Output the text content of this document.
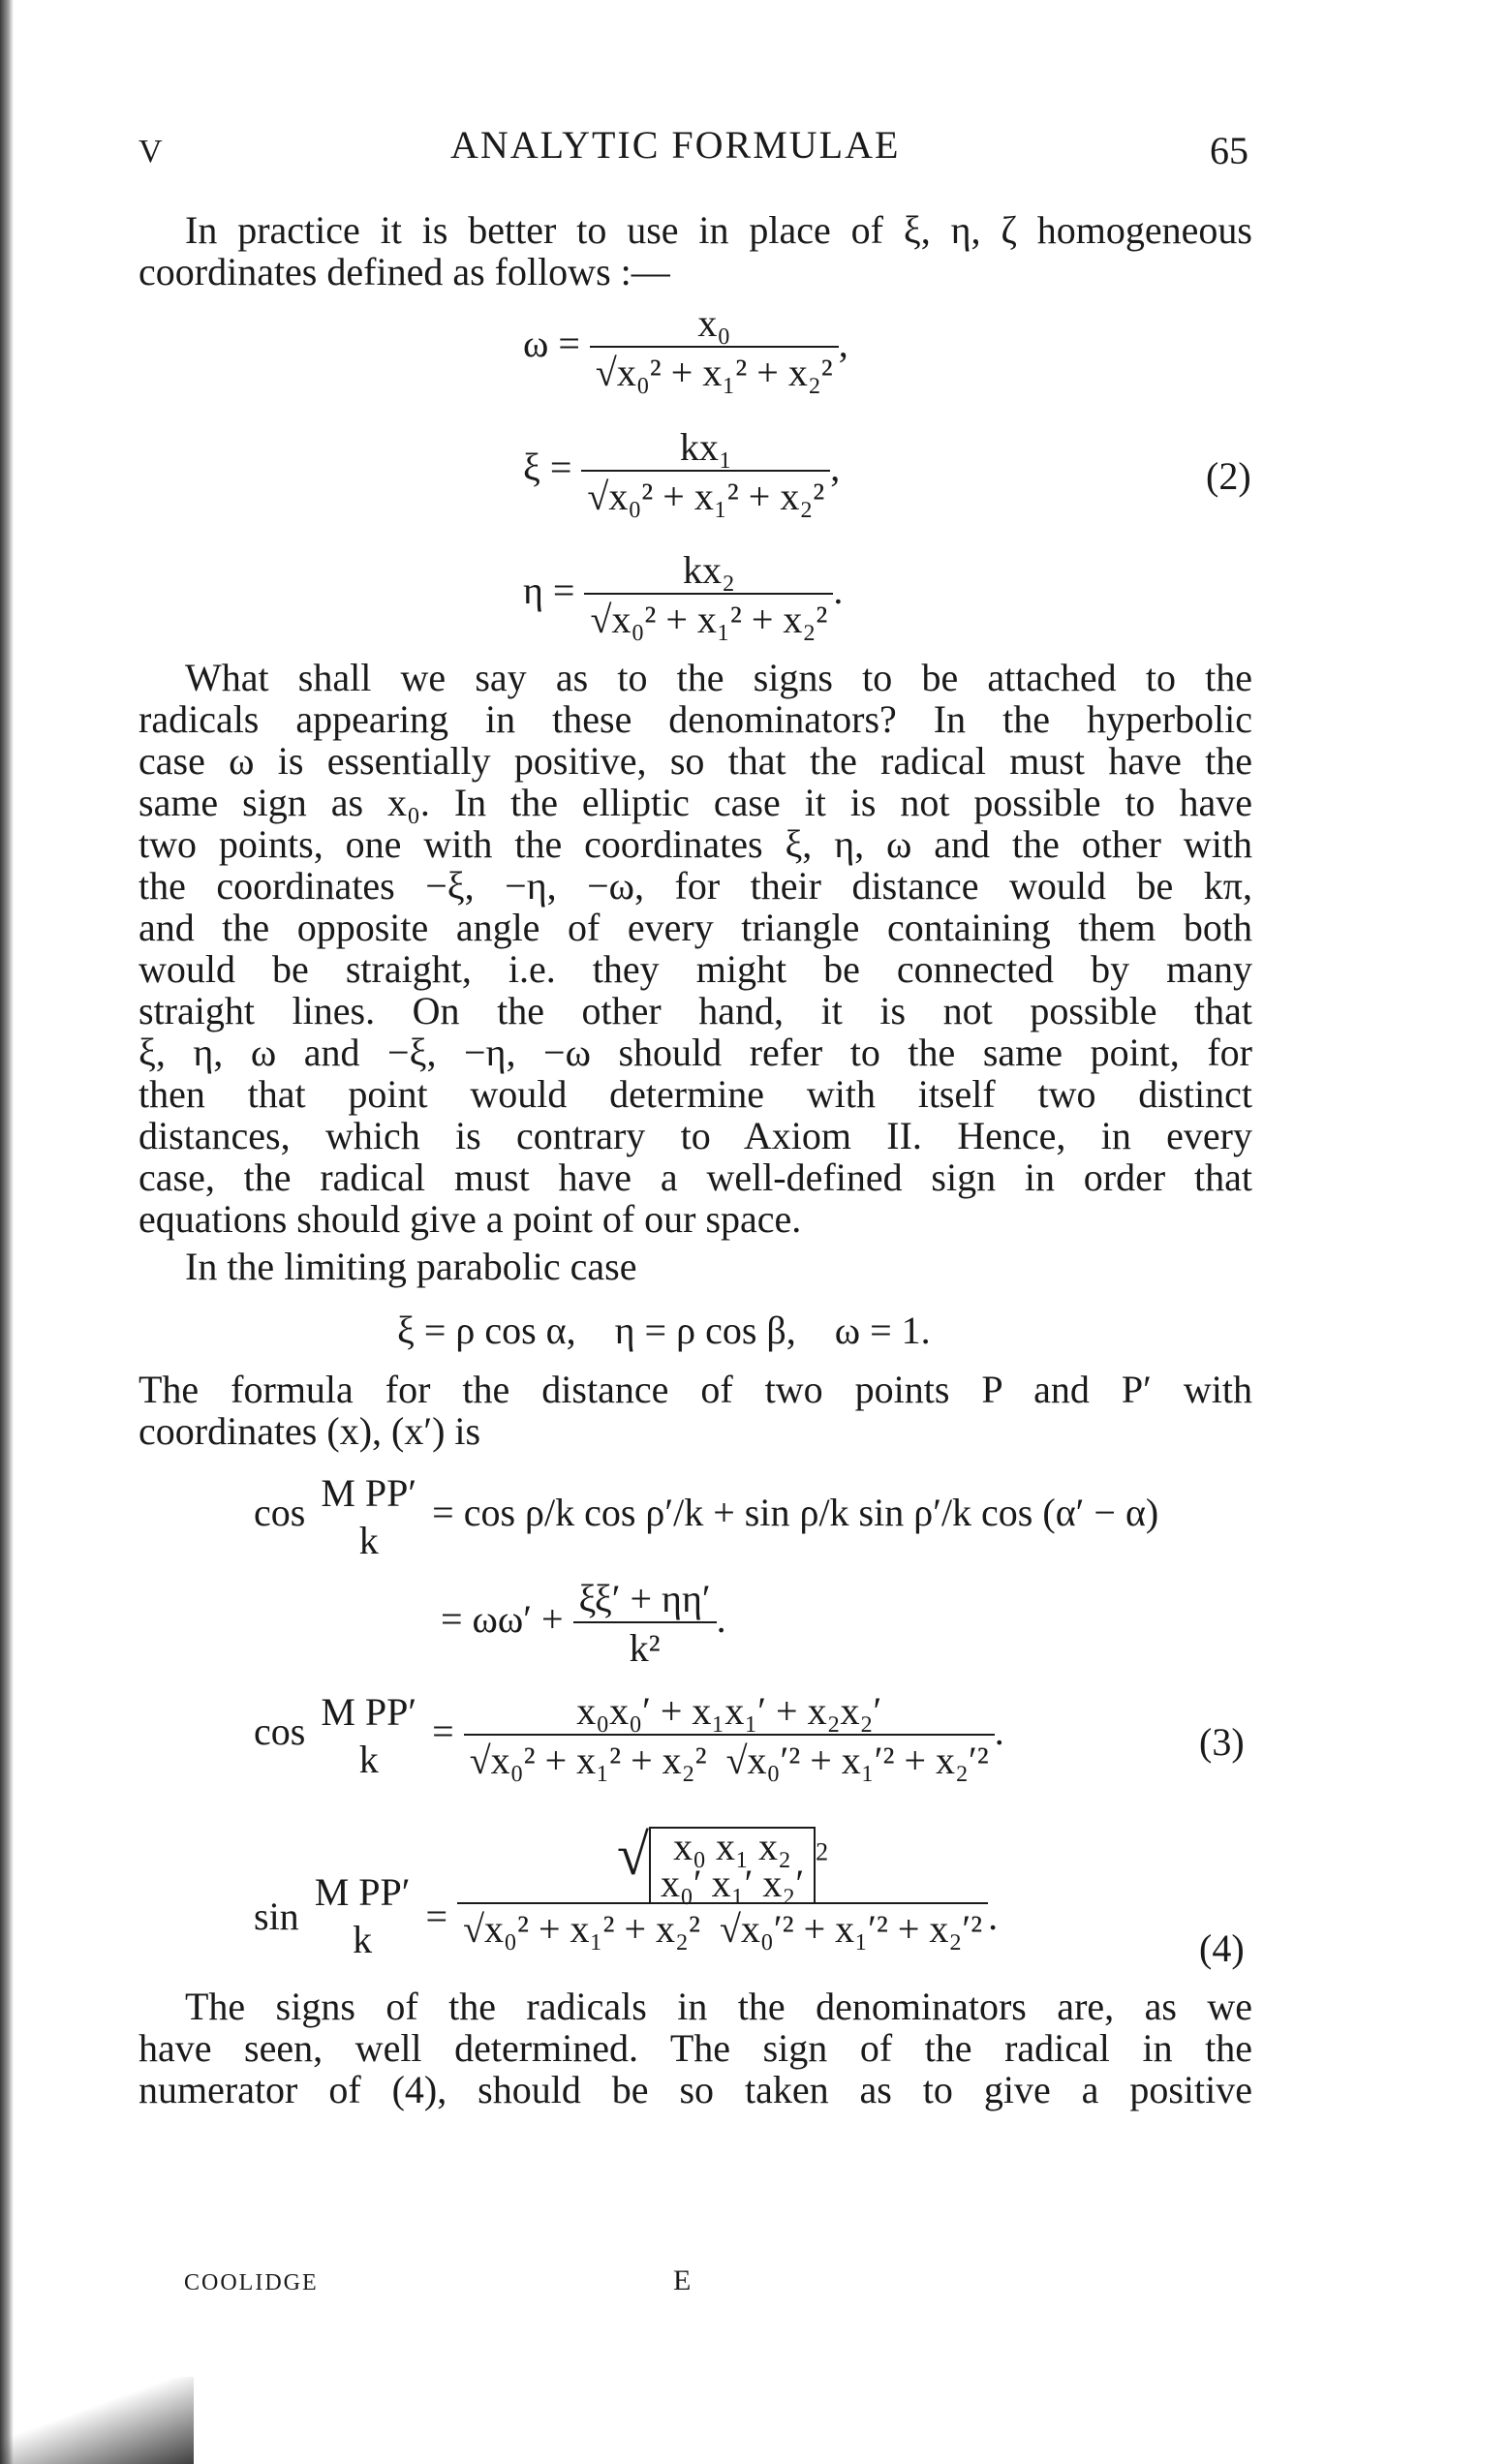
V	ANALYTIC FORMULAE	65
In practice it is better to use in place of ξ, η, ζ homogeneous
coordinates defined as follows :—
$\omega = \frac{\text{x₀}}{\text{√x₀² + x₁² + x₂²}}$ ,
$\xi = \frac{\text{kx₁}}{\text{√x₀² + x₁² + x₂²}}$ ,	(2)
$\eta = \frac{\text{kx₂}}{\text{√x₀² + x₁² + x₂²}}$ .
What shall we say as to the signs to be attached to the
radicals appearing in these denominators? In the hyperbolic
case ω is essentially positive, so that the radical must have the
same sign as x₀. In the elliptic case it is not possible to have
two points, one with the coordinates ξ, η, ω and the other with
the coordinates −ξ, −η, −ω, for their distance would be kπ,
and the opposite angle of every triangle containing them both
would be straight, i.e. they might be connected by many
straight lines. On the other hand, it is not possible that
ξ, η, ω and −ξ, −η, −ω should refer to the same point, for
then that point would determine with itself two distinct
distances, which is contrary to Axiom II. Hence, in every
case, the radical must have a well-defined sign in order that
equations should give a point of our space.
In the limiting parabolic case
ξ = ρ cos α,    η = ρ cos β,    ω = 1.
The formula for the distance of two points P and P′ with
coordinates (x), (x′) is
cos M PP′
k
= cos ρ/k cos ρ′/k + sin ρ/k sin ρ′/k cos (α′ − α)
= $\omega\omega' + \frac{\xi\xi' + \eta\eta'}{\text{k²}}$ .
cos M PP′
k
= $\frac{\text{x₀x₀′ + x₁x₁′ + x₂x₂′}}{\text{√x₀² + x₁² + x₂²  √x₀′² + x₁′² + x₂′²}}$ .	(3)
sin
M PP′
k
= √ x₀ x₁ x₂
x₀′ x₁′ x₂′
$^2$
√x₀² + x₁² + x₂²  √x₀′² + x₁′² + x₂′² .
(4)
The signs of the radicals in the denominators are, as we
have seen, well determined. The sign of the radical in the
numerator of (4), should be so taken as to give a positive
COOLIDGE	E
